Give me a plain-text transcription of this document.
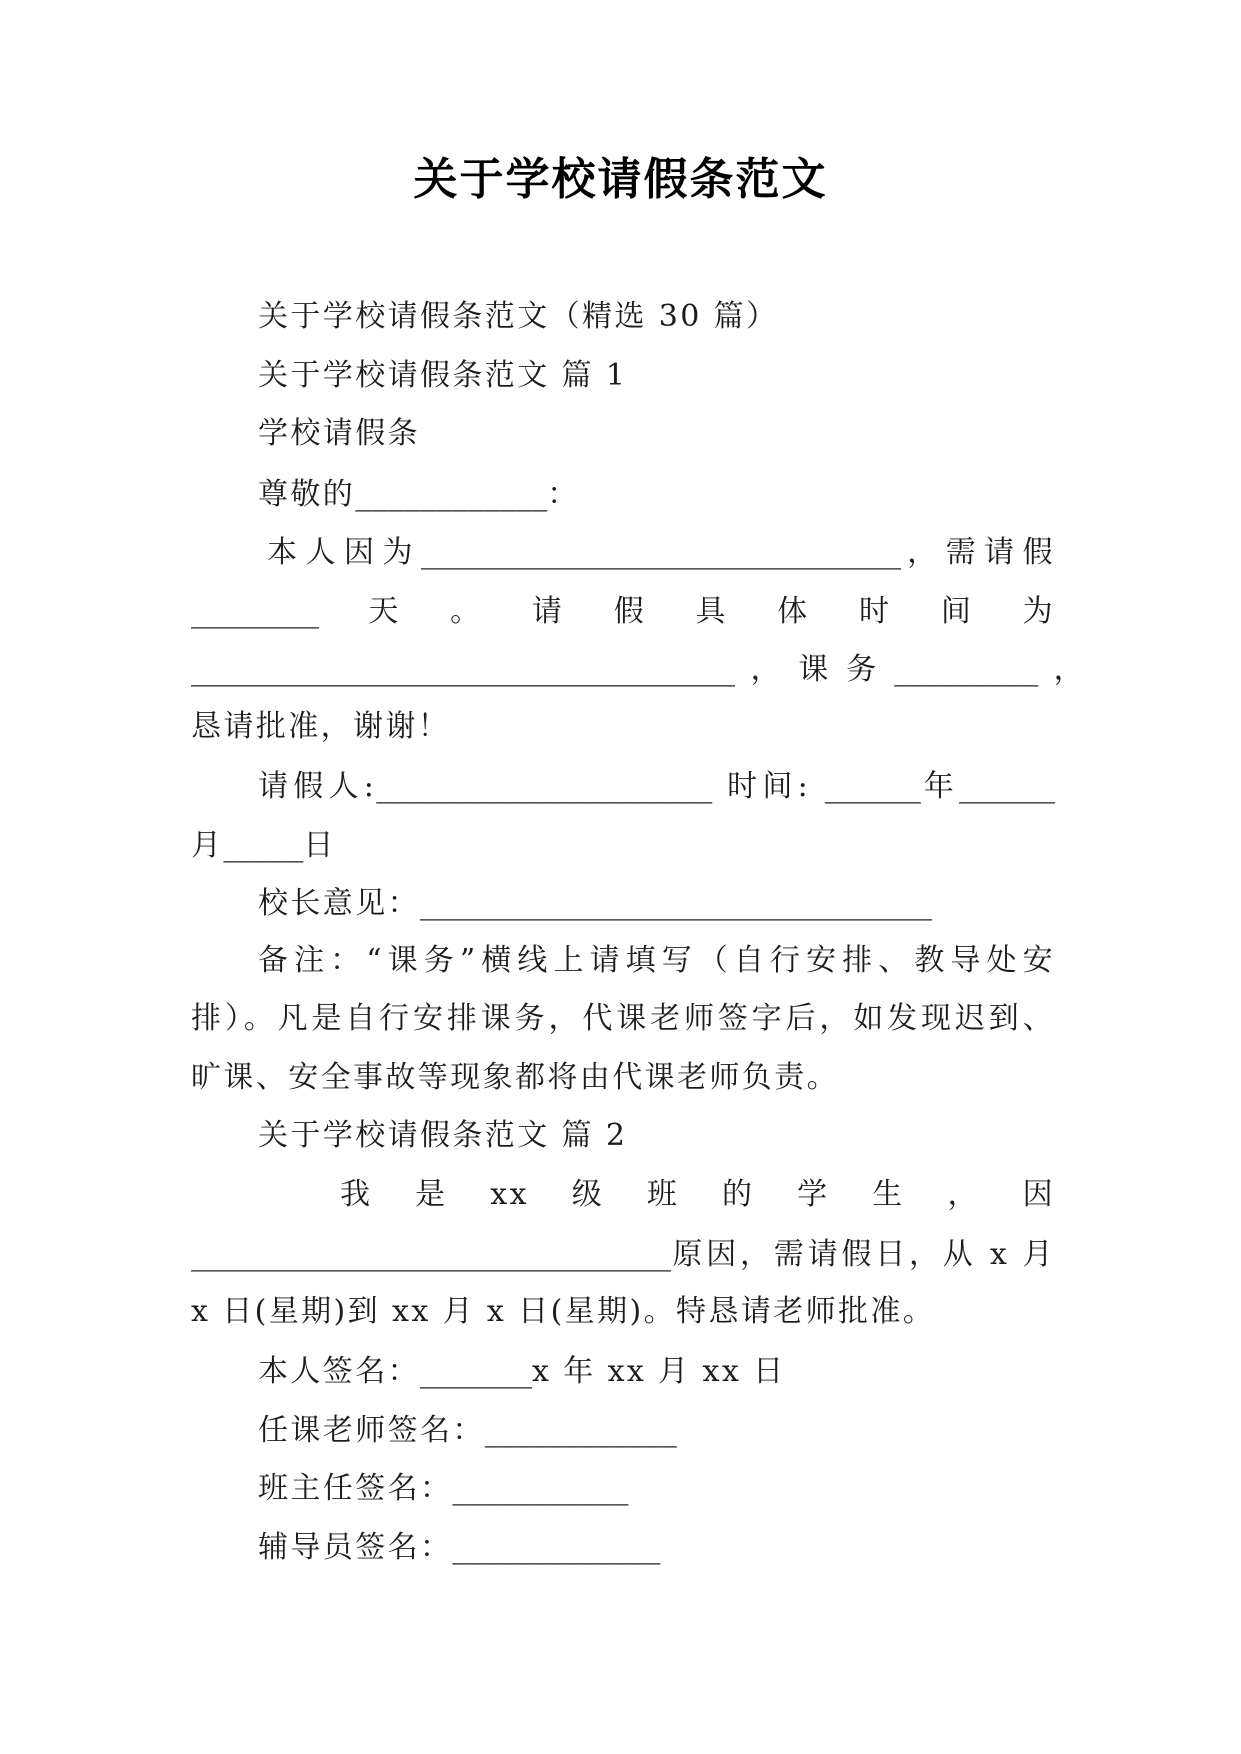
关于学校请假条范文
关于学校请假条范文（精选 30 篇）
关于学校请假条范文 篇 1
学校请假条
尊敬的____________：
本人因为______________________________，需请假
________天。请假具体时间为
__________________________________，课务_________，
恳请批准，谢谢！
请假人:_____________________ 时间: ______年______
月_____日
校长意见：________________________________
备注：“课务”横线上请填写（自行安排、教导处安
排）。凡是自行安排课务，代课老师签字后，如发现迟到、
旷课、安全事故等现象都将由代课老师负责。
关于学校请假条范文 篇 2
我是xx级班的学生，因
______________________________原因，需请假日，从 x 月
x 日(星期)到 xx 月 x 日(星期)。特恳请老师批准。
本人签名：_______x 年 xx 月 xx 日
任课老师签名：____________
班主任签名：___________
辅导员签名：_____________
